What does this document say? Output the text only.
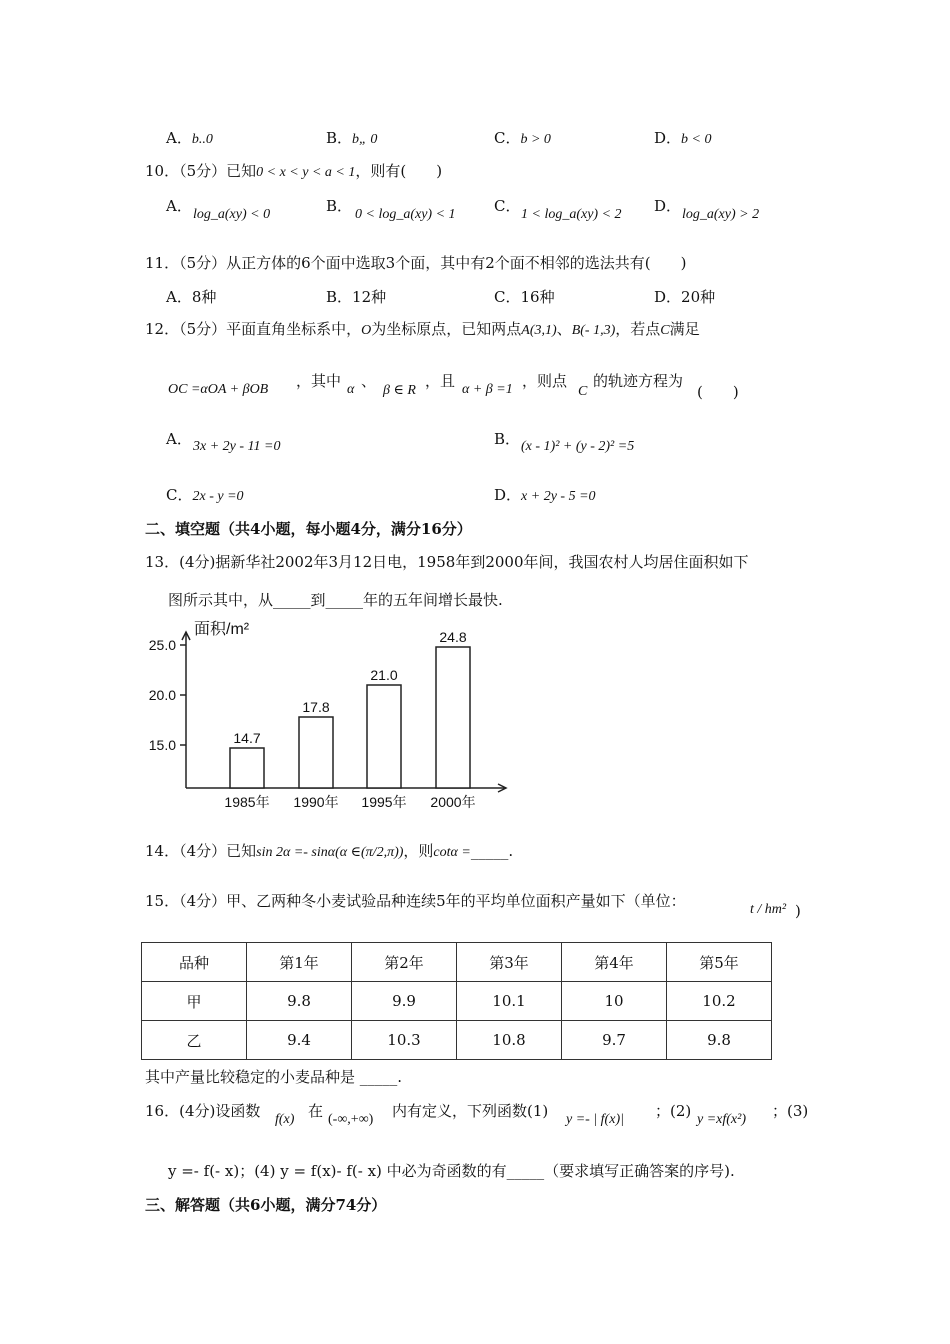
A．b..0	B．b„ 0	C．b > 0	D．b < 0
10．（5分）已知0 < x < y < a < 1，则有(　　)
A． log_a(xy) < 0	B． 0 < log_a(xy) < 1	C． 1 < log_a(xy) < 2 D． log_a(xy) > 2
11．（5分）从正方体的6个面中选取3个面，其中有2个面不相邻的选法共有(　　)
A．8种	B．12种	C．16种	D．20种
12．（5分）平面直角坐标系中，O为坐标原点，已知两点A(3,1)、B(- 1,3)，若点C满足
OC =αOA + βOB ，其中 α 、
β ∈ R
，且 α + β =1 ，则点
C
的轨迹方程为
(　　)
A． 3x + 2y - 11 =0	B． (x - 1)² + (y - 2)² =5
C．2x - y =0	D．x + 2y - 5 =0
二、填空题（共4小题，每小题4分，满分16分）
13．(4分)据新华社2002年3月12日电，1958年到2000年间，我国农村人均居住面积如下
图所示其中，从_____到_____年的五年间增长最快.
面积/m²
15.0
20.0
25.0
14.7
1985年
17.8
1990年
21.0
1995年
24.8
2000年
14．（4分）已知sin 2α =- sinα(α ∈(π/2,π))，则cotα =_____.
15．（4分）甲、乙两种冬小麦试验品种连续5年的平均单位面积产量如下（单位：	t / hm² )
品种	第1年	第2年	第3年	第4年	第5年
甲	9.8	9.9	10.1	10	10.2
乙	9.4	10.3	10.8	9.7	9.8
其中产量比较稳定的小麦品种是 _____.
16．(4分)设函数 f(x) 在 (-∞,+∞) 内有定义，下列函数(1) y =- | f(x)| ；(2) y =xf(x²) ；(3)
y =- f(- x)；(4) y = f(x)- f(- x) 中必为奇函数的有_____（要求填写正确答案的序号).
三、解答题（共6小题，满分74分）
